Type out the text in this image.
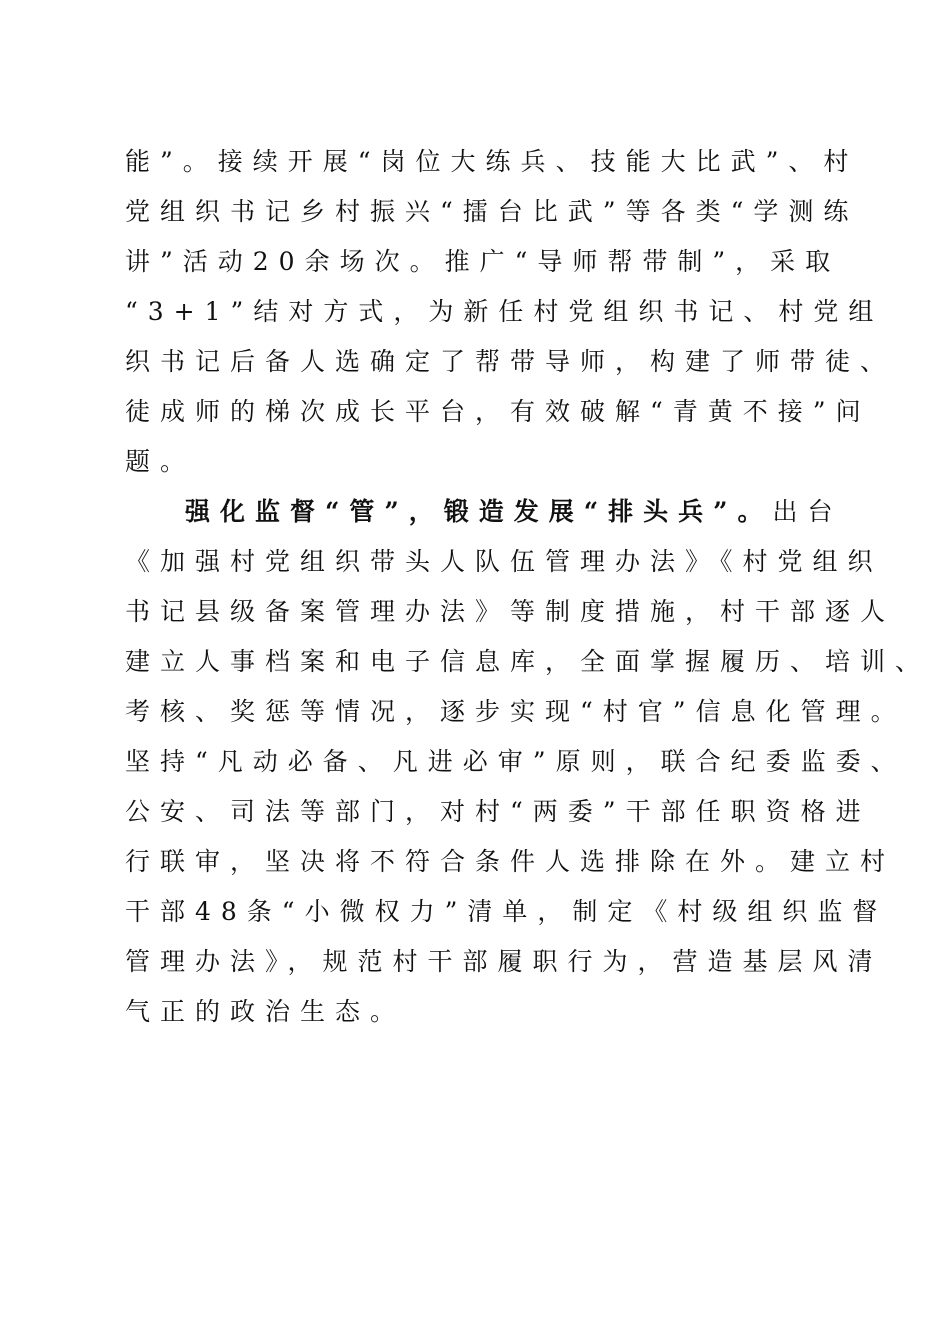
能”。接续开展“岗位大练兵、技能大比武”、村
党组织书记乡村振兴“擂台比武”等各类“学测练
讲”活动20余场次。推广“导师帮带制”，采取
“3+1”结对方式，为新任村党组织书记、村党组
织书记后备人选确定了帮带导师，构建了师带徒、
徒成师的梯次成长平台，有效破解“青黄不接”问
题。
强化监督“管”，锻造发展“排头兵”。出台
《加强村党组织带头人队伍管理办法》《村党组织
书记县级备案管理办法》等制度措施，村干部逐人
建立人事档案和电子信息库，全面掌握履历、培训、
考核、奖惩等情况，逐步实现“村官”信息化管理。
坚持“凡动必备、凡进必审”原则，联合纪委监委、
公安、司法等部门，对村“两委”干部任职资格进
行联审，坚决将不符合条件人选排除在外。建立村
干部48条“小微权力”清单，制定《村级组织监督
管理办法》，规范村干部履职行为，营造基层风清
气正的政治生态。
